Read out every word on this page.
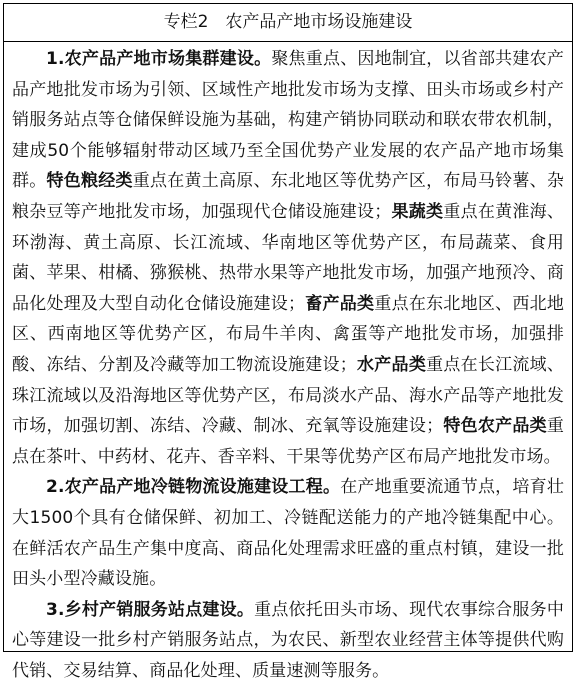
专栏2　农产品产地市场设施建设

1.农产品产地市场集群建设。聚焦重点、因地制宜，以省部共建农产品产地批发市场为引领、区域性产地批发市场为支撑、田头市场或乡村产销服务站点等仓储保鲜设施为基础，构建产销协同联动和联农带农机制，建成50个能够辐射带动区域乃至全国优势产业发展的农产品产地市场集群。特色粮经类重点在黄土高原、东北地区等优势产区，布局马铃薯、杂粮杂豆等产地批发市场，加强现代仓储设施建设；果蔬类重点在黄淮海、环渤海、黄土高原、长江流域、华南地区等优势产区，布局蔬菜、食用菌、苹果、柑橘、猕猴桃、热带水果等产地批发市场，加强产地预冷、商品化处理及大型自动化仓储设施建设；畜产品类重点在东北地区、西北地区、西南地区等优势产区，布局牛羊肉、禽蛋等产地批发市场，加强排酸、冻结、分割及冷藏等加工物流设施建设；水产品类重点在长江流域、珠江流域以及沿海地区等优势产区，布局淡水产品、海水产品等产地批发市场，加强切割、冻结、冷藏、制冰、充氧等设施建设；特色农产品类重点在茶叶、中药材、花卉、香辛料、干果等优势产区布局产地批发市场。

2.农产品产地冷链物流设施建设工程。在产地重要流通节点，培育壮大1500个具有仓储保鲜、初加工、冷链配送能力的产地冷链集配中心。在鲜活农产品生产集中度高、商品化处理需求旺盛的重点村镇，建设一批田头小型冷藏设施。

3.乡村产销服务站点建设。重点依托田头市场、现代农事综合服务中心等建设一批乡村产销服务站点，为农民、新型农业经营主体等提供代购代销、交易结算、商品化处理、质量速测等服务。
